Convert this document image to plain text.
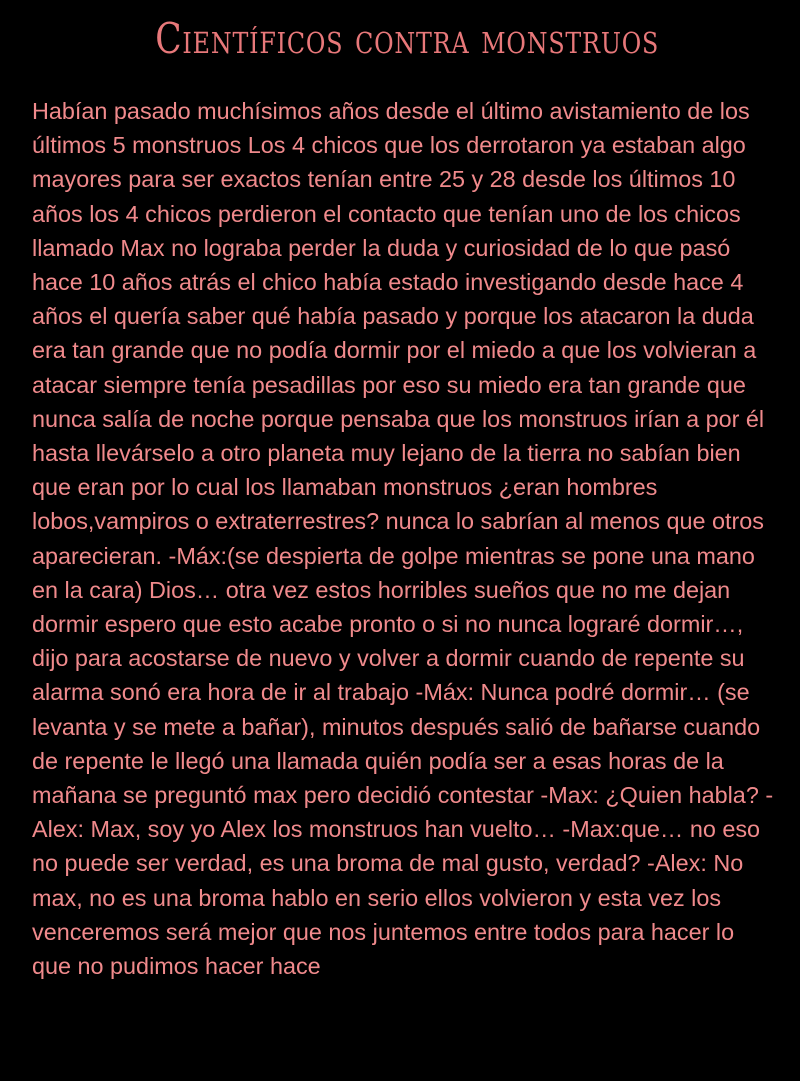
Científicos contra monstruos

Habían pasado muchísimos años desde el último avistamiento de los últimos 5 monstruos Los 4 chicos que los derrotaron ya estaban algo mayores para ser exactos tenían entre 25 y 28 desde los últimos 10 años los 4 chicos perdieron el contacto que tenían uno de los chicos llamado Max no lograba perder la duda y curiosidad de lo que pasó hace 10 años atrás el chico había estado investigando desde hace 4 años el quería saber qué había pasado y porque los atacaron la duda era tan grande que no podía dormir por el miedo a que los volvieran a atacar siempre tenía pesadillas por eso su miedo era tan grande que nunca salía de noche porque pensaba que los monstruos irían a por él hasta llevárselo a otro planeta muy lejano de la tierra no sabían bien que eran por lo cual los llamaban monstruos ¿eran hombres lobos,vampiros o extraterrestres? nunca lo sabrían al menos que otros aparecieran. -Máx:(se despierta de golpe mientras se pone una mano en la cara) Dios… otra vez estos horribles sueños que no me dejan dormir espero que esto acabe pronto o si no nunca lograré dormir…, dijo para acostarse de nuevo y volver a dormir cuando de repente su alarma sonó era hora de ir al trabajo -Máx: Nunca podré dormir… (se levanta y se mete a bañar), minutos después salió de bañarse cuando de repente le llegó una llamada quién podía ser a esas horas de la mañana se preguntó max pero decidió contestar -Max: ¿Quien habla? -Alex: Max, soy yo Alex los monstruos han vuelto… -Max:que… no eso no puede ser verdad, es una broma de mal gusto, verdad? -Alex: No max, no es una broma hablo en serio ellos volvieron y esta vez los venceremos será mejor que nos juntemos entre todos para hacer lo que no pudimos hacer hace
